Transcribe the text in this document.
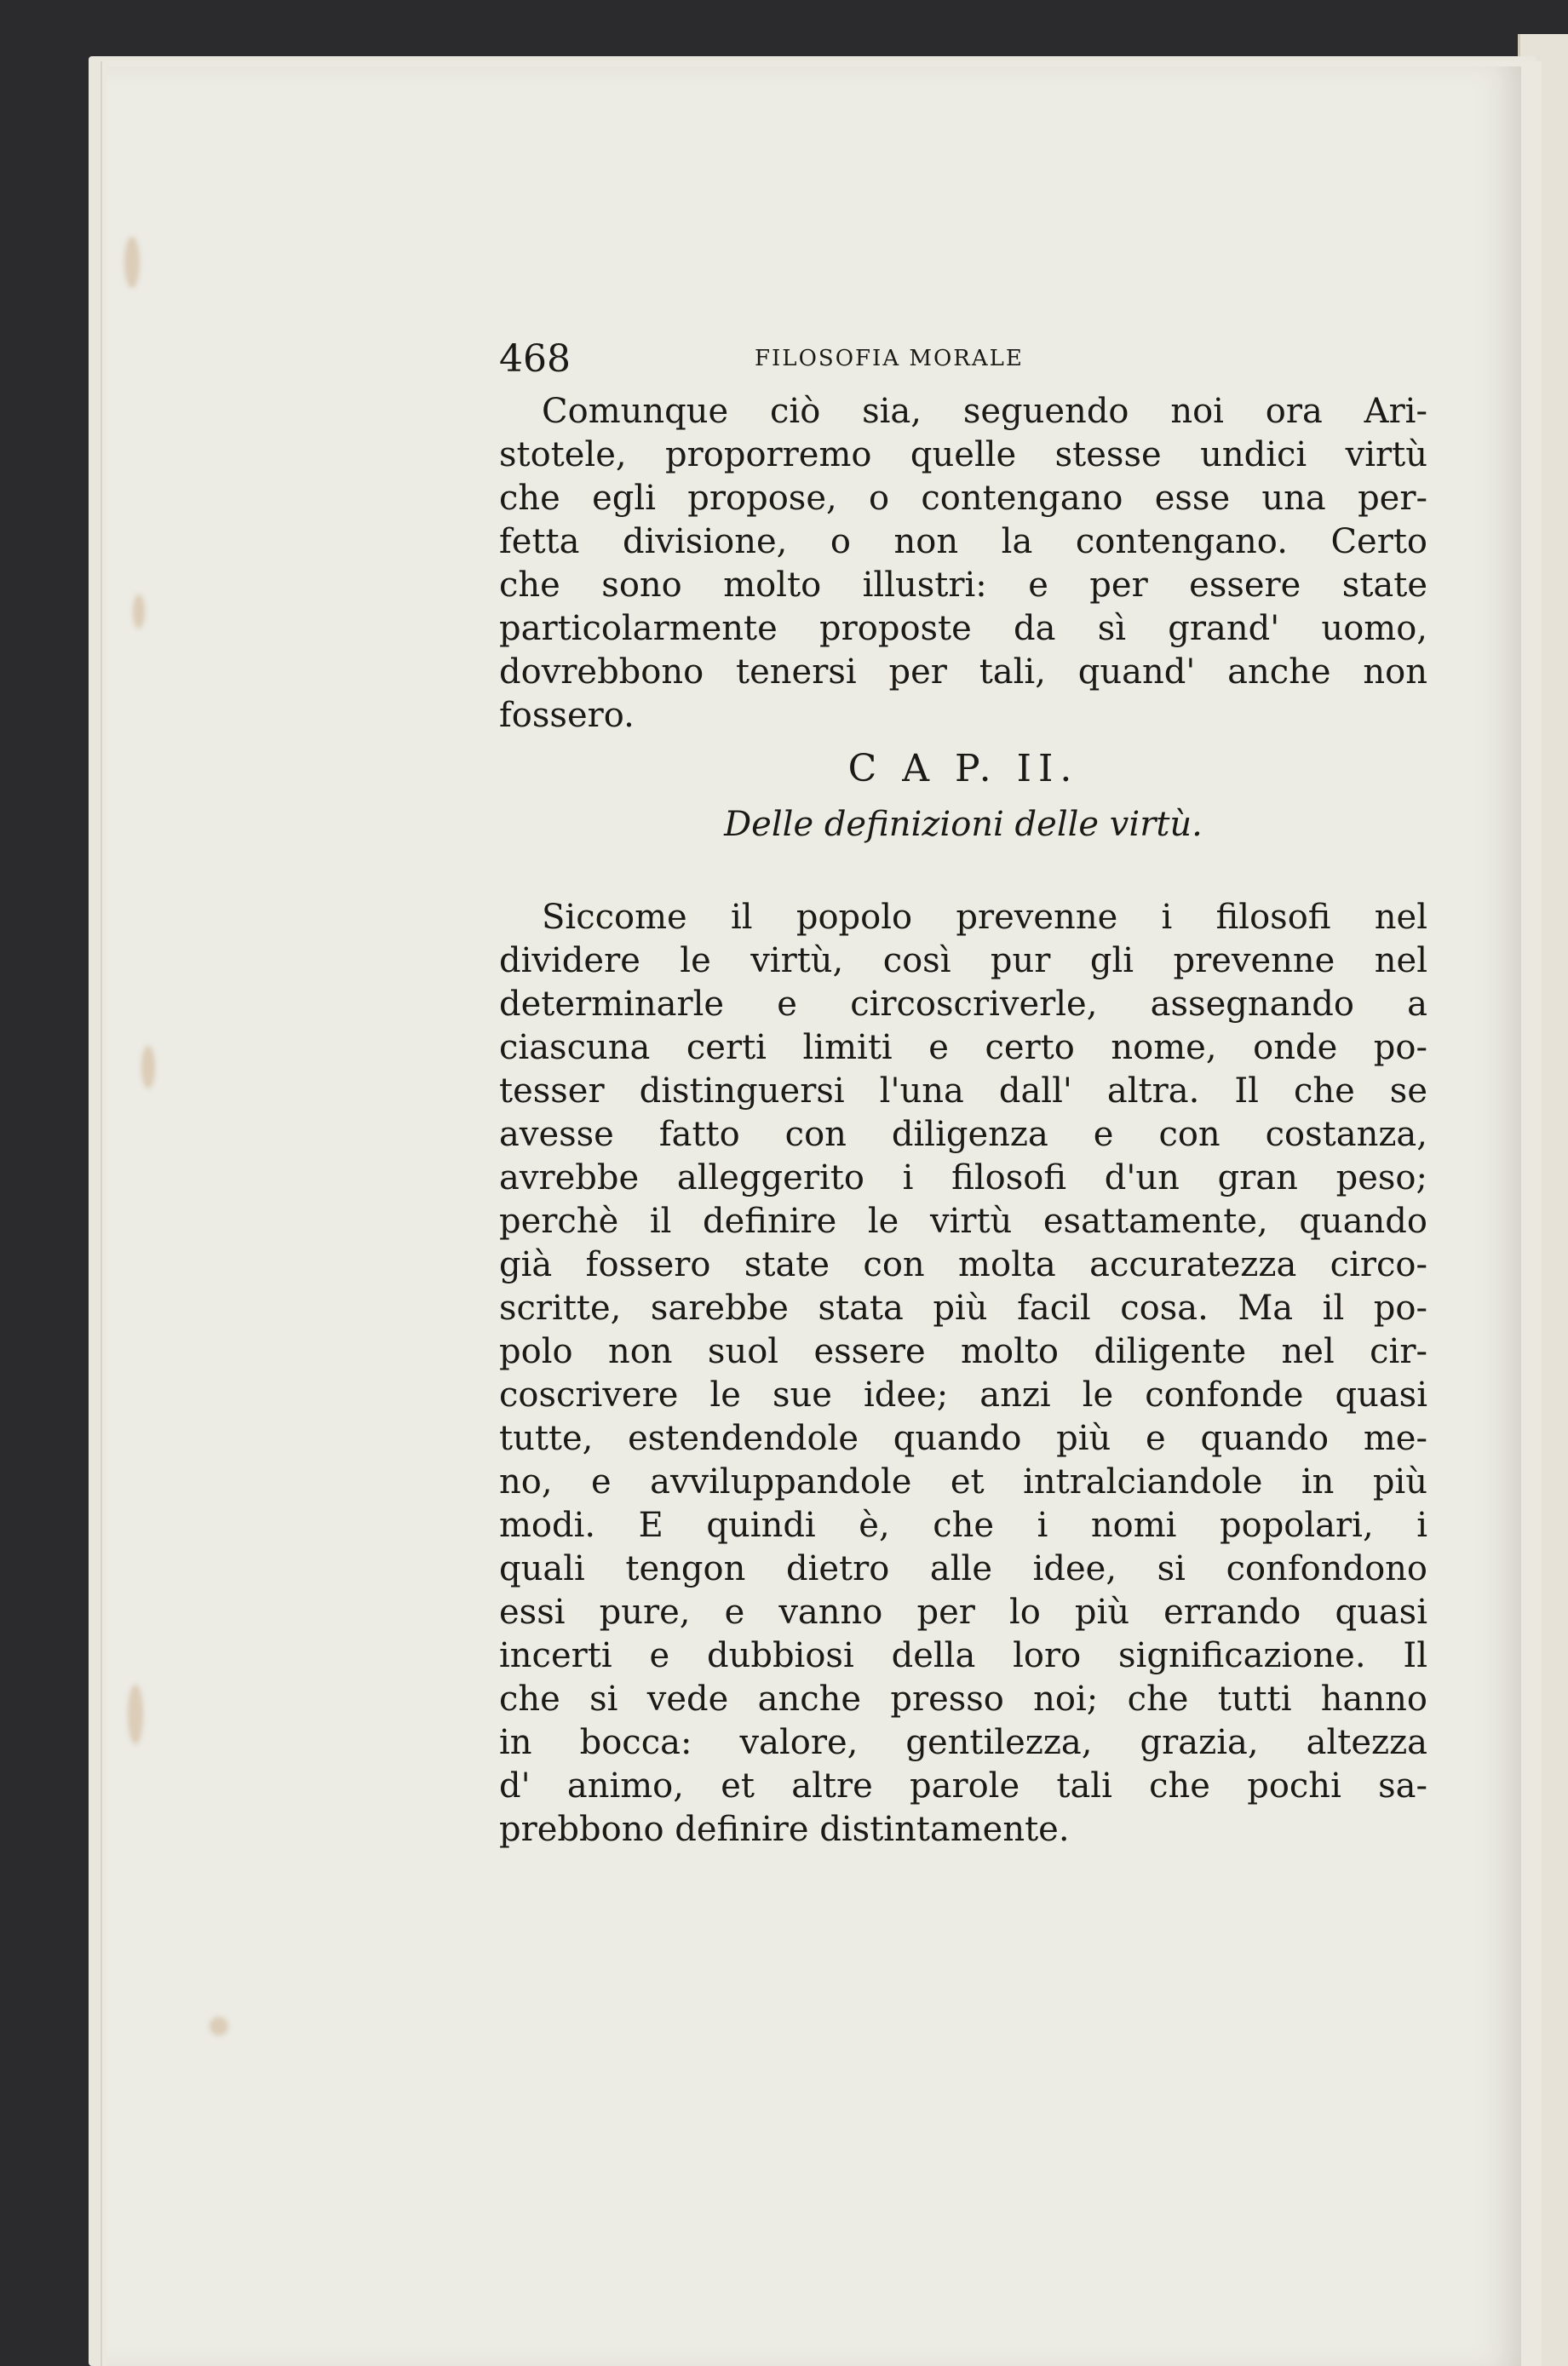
468	FILOSOFIA MORALE
Comunque ciò sia, seguendo noi ora Ari-
stotele, proporremo quelle stesse undici virtù
che egli propose, o contengano esse una per-
fetta divisione, o non la contengano. Certo
che sono molto illustri: e per essere state
particolarmente proposte da sì grand' uomo,
dovrebbono tenersi per tali, quand' anche non
fossero.
C A P. II.
Delle definizioni delle virtù.
Siccome il popolo prevenne i filosofi nel
dividere le virtù, così pur gli prevenne nel
determinarle e circoscriverle, assegnando a
ciascuna certi limiti e certo nome, onde po-
tesser distinguersi l'una dall' altra. Il che se
avesse fatto con diligenza e con costanza,
avrebbe alleggerito i filosofi d'un gran peso;
perchè il definire le virtù esattamente, quando
già fossero state con molta accuratezza circo-
scritte, sarebbe stata più facil cosa. Ma il po-
polo non suol essere molto diligente nel cir-
coscrivere le sue idee; anzi le confonde quasi
tutte, estendendole quando più e quando me-
no, e avviluppandole et intralciandole in più
modi. E quindi è, che i nomi popolari, i
quali tengon dietro alle idee, si confondono
essi pure, e vanno per lo più errando quasi
incerti e dubbiosi della loro significazione. Il
che si vede anche presso noi; che tutti hanno
in bocca: valore, gentilezza, grazia, altezza
d' animo, et altre parole tali che pochi sa-
prebbono definire distintamente.
